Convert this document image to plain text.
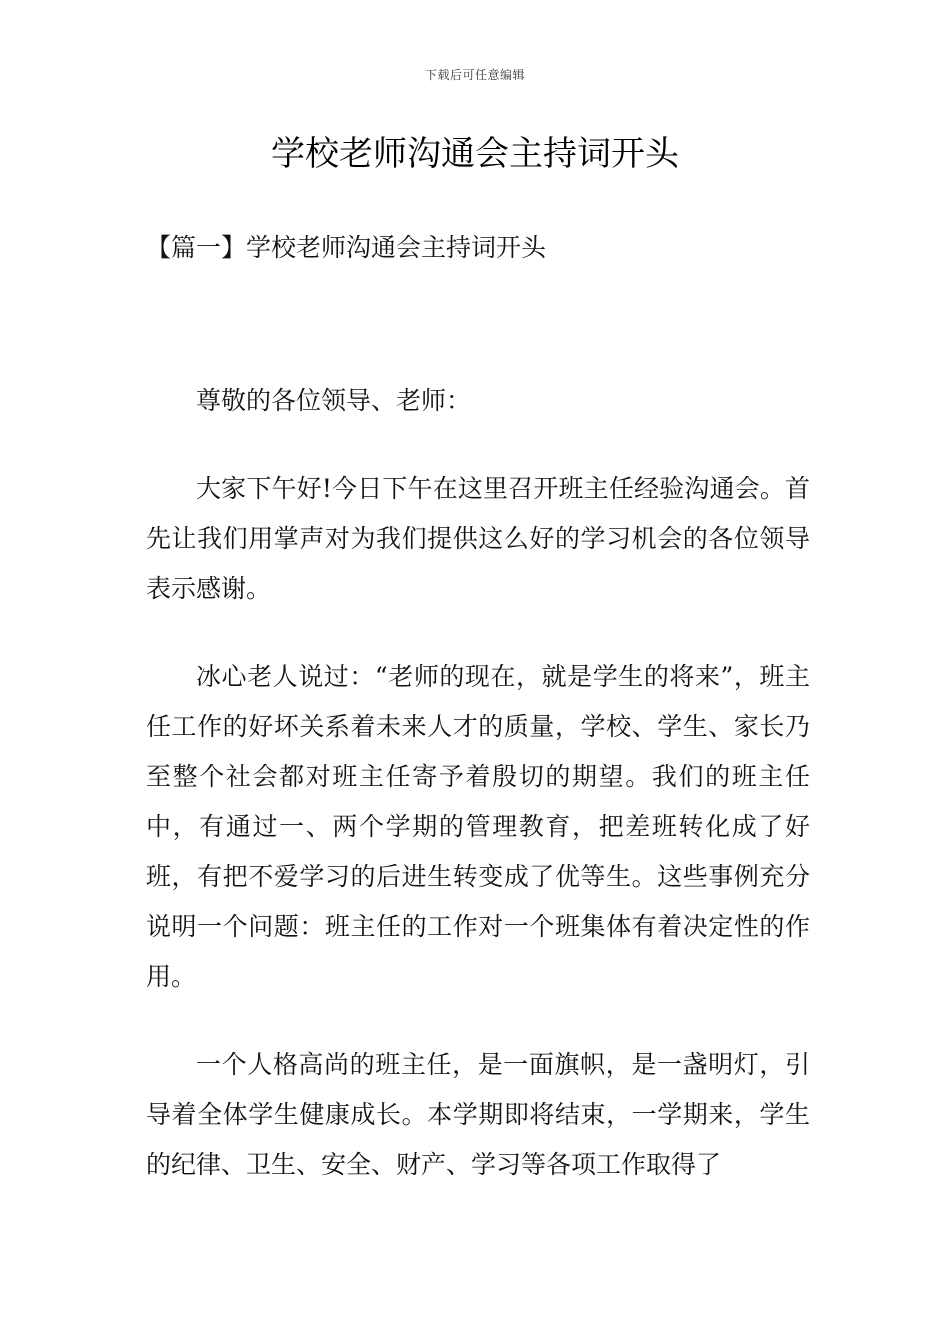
下载后可任意编辑
学校老师沟通会主持词开头
【篇一】学校老师沟通会主持词开头

尊敬的各位领导、老师：

大家下午好!今日下午在这里召开班主任经验沟通会。首先让我们用掌声对为我们提供这么好的学习机会的各位领导表示感谢。

冰心老人说过：“老师的现在，就是学生的将来”，班主任工作的好坏关系着未来人才的质量，学校、学生、家长乃至整个社会都对班主任寄予着殷切的期望。我们的班主任中，有通过一、两个学期的管理教育，把差班转化成了好班，有把不爱学习的后进生转变成了优等生。这些事例充分说明一个问题：班主任的工作对一个班集体有着决定性的作用。

一个人格高尚的班主任，是一面旗帜，是一盏明灯，引导着全体学生健康成长。本学期即将结束，一学期来，学生的纪律、卫生、安全、财产、学习等各项工作取得了
